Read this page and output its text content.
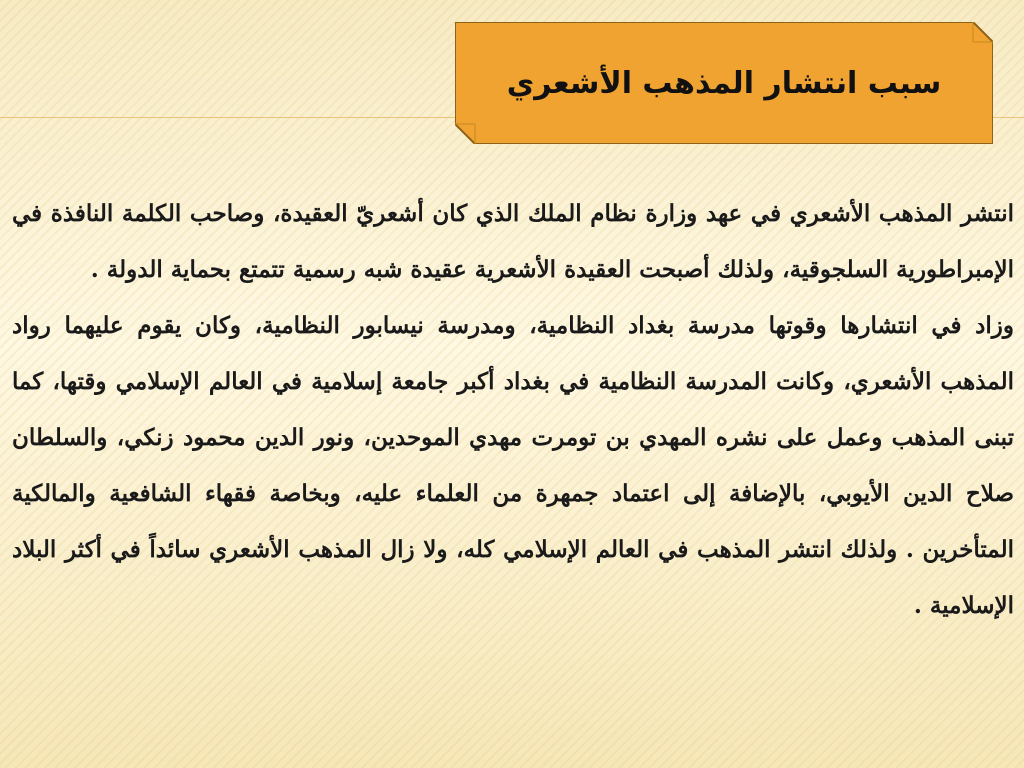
سبب انتشار المذهب الأشعري

انتشر المذهب الأشعري في عهد وزارة نظام الملك الذي كان أشعريّ العقيدة، وصاحب الكلمة النافذة في الإمبراطورية السلجوقية، ولذلك أصبحت العقيدة الأشعرية عقيدة شبه رسمية تتمتع بحماية الدولة .

وزاد في انتشارها وقوتها مدرسة بغداد النظامية، ومدرسة نيسابور النظامية، وكان يقوم عليهما رواد المذهب الأشعري، وكانت المدرسة النظامية في بغداد أكبر جامعة إسلامية في العالم الإسلامي وقتها، كما تبنى المذهب وعمل على نشره المهدي بن تومرت مهدي الموحدين، ونور الدين محمود زنكي، والسلطان صلاح الدين الأيوبي، بالإضافة إلى اعتماد جمهرة من العلماء عليه، وبخاصة فقهاء الشافعية والمالكية المتأخرين . ولذلك انتشر المذهب في العالم الإسلامي كله، ولا زال المذهب الأشعري سائداً في أكثر البلاد الإسلامية .
